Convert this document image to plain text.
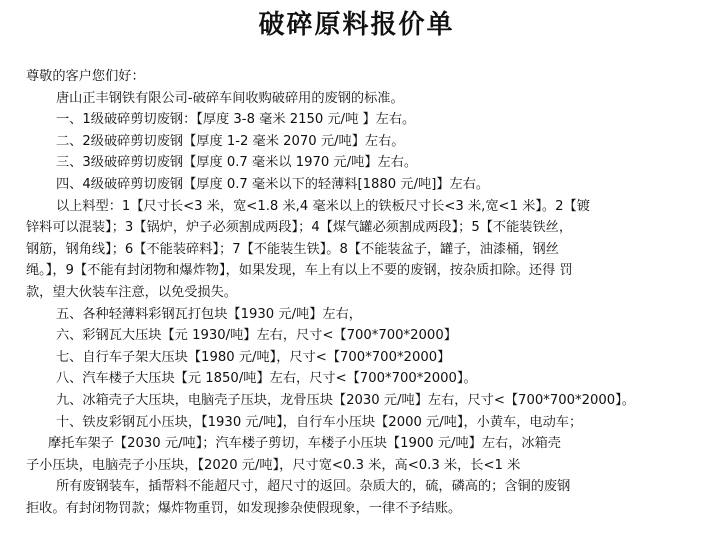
破碎原料报价单
尊敬的客户您们好：
唐山正丰钢铁有限公司-破碎车间收购破碎用的废钢的标准。
一、1级破碎剪切废钢：【厚度 3-8 毫米 2150 元/吨 】左右。
二、2级破碎剪切废钢【厚度 1-2 毫米 2070 元/吨】左右。
三、3级破碎剪切废钢【厚度 0.7 毫米以 1970 元/吨】左右。
四、4级破碎剪切废钢【厚度 0.7 毫米以下的轻薄料[1880 元/吨]】左右。
以上料型：1【尺寸长<3 米，宽<1.8 米,4 毫米以上的铁板尺寸长<3 米,宽<1 米】。2【镀
锌料可以混装】；3【锅炉，炉子必须割成两段】；4【煤气罐必须割成两段】；5【不能装铁丝，
钢筋，钢角线】；6【不能装碎料】；7【不能装生铁】。8【不能装盆子，罐子，油漆桶，钢丝
绳。】，9【不能有封闭物和爆炸物】，如果发现，车上有以上不要的废钢，按杂质扣除。还得 罚
款，望大伙装车注意，以免受损失。
五、各种轻薄料彩钢瓦打包块【1930 元/吨】左右，
六、彩钢瓦大压块【元 1930/吨】左右，尺寸<【700*700*2000】
七、自行车子架大压块【1980 元/吨】，尺寸<【700*700*2000】
八、汽车楼子大压块【元 1850/吨】左右，尺寸<【700*700*2000】。
九、冰箱壳子大压块，电脑壳子压块，龙骨压块【2030 元/吨】左右，尺寸<【700*700*2000】。
十、铁皮彩钢瓦小压块，【1930 元/吨】，自行车小压块【2000 元/吨】，小黄车，电动车；
摩托车架子【2030 元/吨】；汽车楼子剪切，车楼子小压块【1900 元/吨】左右，冰箱壳
子小压块，电脑壳子小压块，【2020 元/吨】，尺寸宽<0.3 米，高<0.3 米，长<1 米
所有废钢装车，插帮料不能超尺寸，超尺寸的返回。杂质大的，硫，磷高的；含铜的废钢
拒收。有封闭物罚款；爆炸物重罚，如发现掺杂使假现象，一律不予结账。
